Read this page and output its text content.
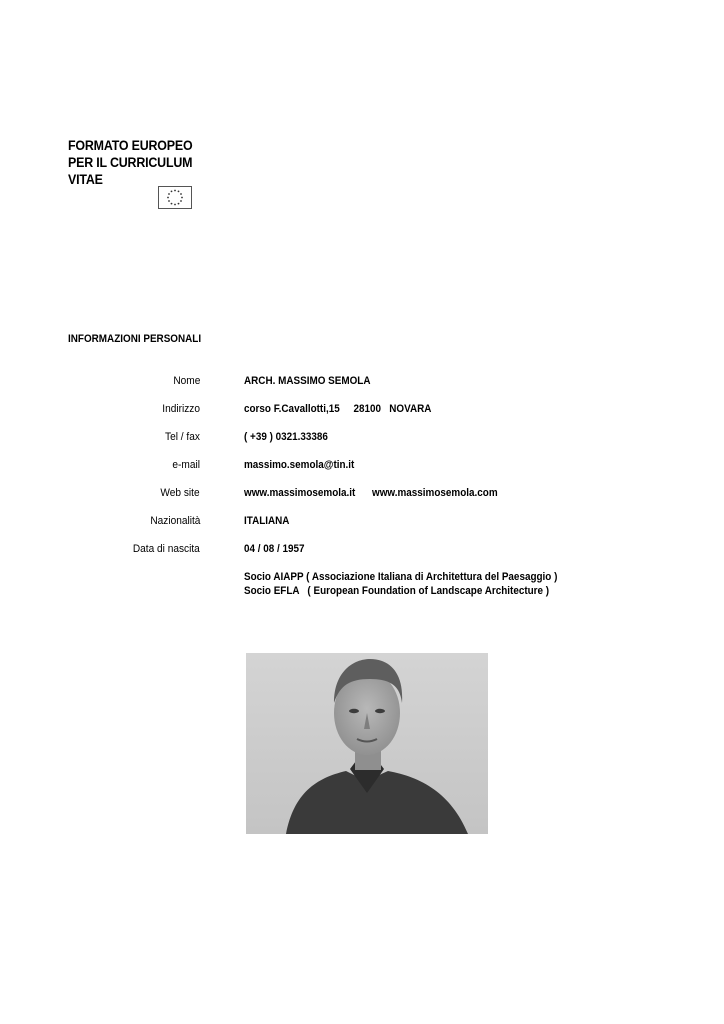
FORMATO EUROPEO
PER IL CURRICULUM
VITAE
INFORMAZIONI PERSONALI
Nome	ARCH. MASSIMO SEMOLA
Indirizzo	corso F.Cavallotti,15     28100   NOVARA
Tel / fax	( +39 ) 0321.33386
e-mail	massimo.semola@tin.it
Web site	www.massimosemola.it www.massimosemola.com
Nazionalità	ITALIANA
Data di nascita	04 / 08 / 1957
Socio AIAPP ( Associazione Italiana di Architettura del Paesaggio )
Socio EFLA   ( European Foundation of Landscape Architecture )
